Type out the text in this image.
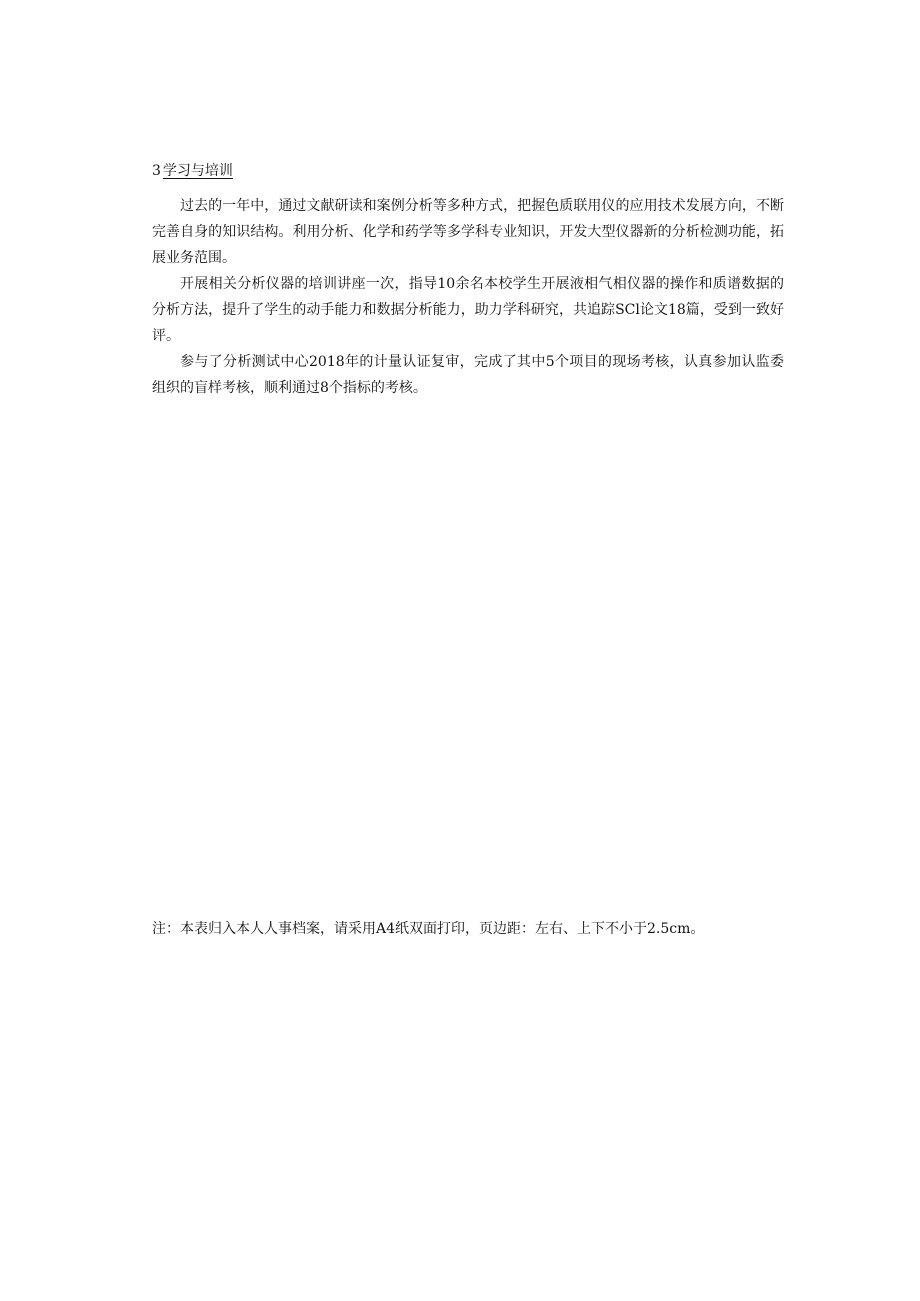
3 学习与培训

过去的一年中，通过文献研读和案例分析等多种方式，把握色质联用仪的应用技术发展方向，不断完善自身的知识结构。利用分析、化学和药学等多学科专业知识，开发大型仪器新的分析检测功能，拓展业务范围。

开展相关分析仪器的培训讲座一次，指导10余名本校学生开展液相气相仪器的操作和质谱数据的分析方法，提升了学生的动手能力和数据分析能力，助力学科研究，共追踪SCl论文18篇，受到一致好评。

参与了分析测试中心2018年的计量认证复审，完成了其中5个项目的现场考核，认真参加认监委组织的盲样考核，顺利通过8个指标的考核。

注：本表归入本人人事档案，请采用A4纸双面打印，页边距：左右、上下不小于2.5cm。
